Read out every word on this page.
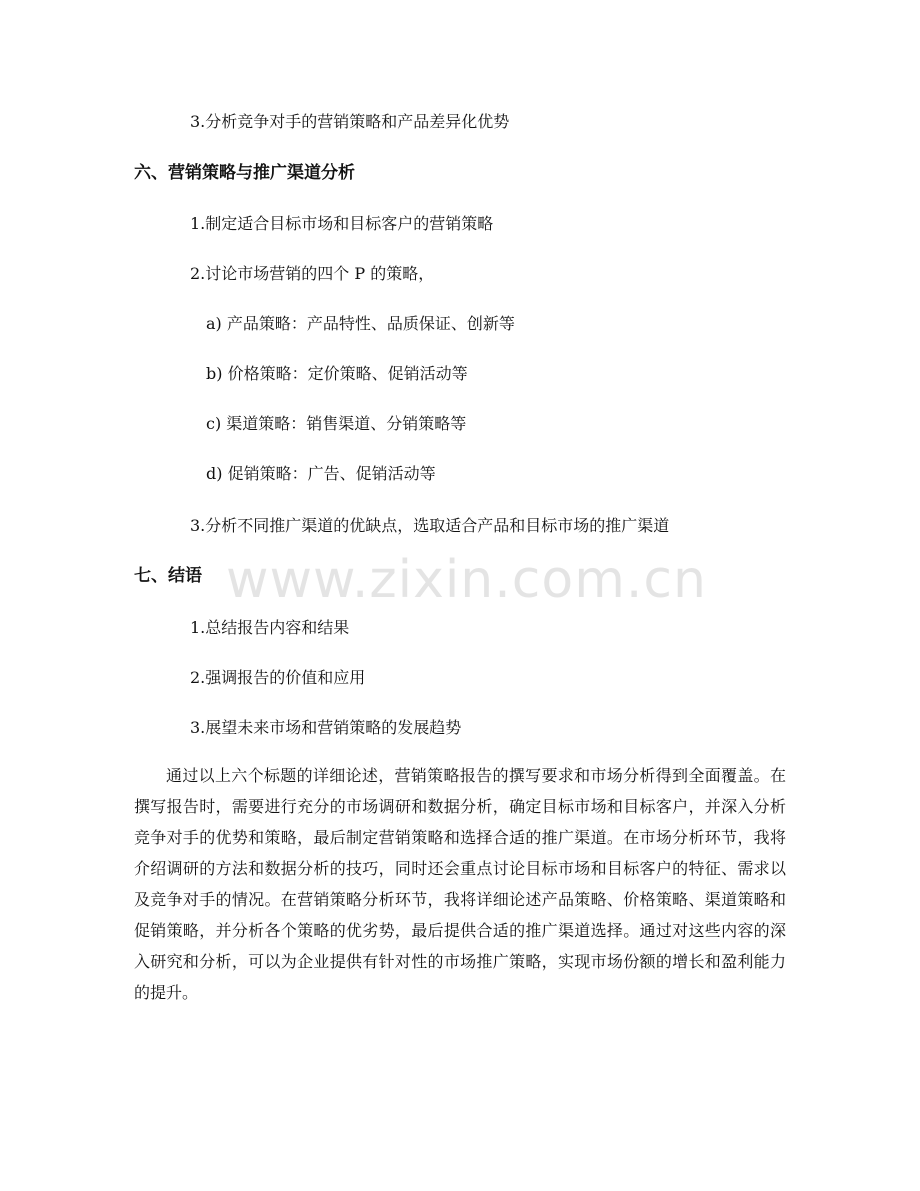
3.分析竞争对手的营销策略和产品差异化优势
六、营销策略与推广渠道分析
1.制定适合目标市场和目标客户的营销策略
2.讨论市场营销的四个 P 的策略，
a) 产品策略：产品特性、品质保证、创新等
b) 价格策略：定价策略、促销活动等
c) 渠道策略：销售渠道、分销策略等
d) 促销策略：广告、促销活动等
3.分析不同推广渠道的优缺点，选取适合产品和目标市场的推广渠道
七、结语
1.总结报告内容和结果
2.强调报告的价值和应用
3.展望未来市场和营销策略的发展趋势

通过以上六个标题的详细论述，营销策略报告的撰写要求和市场分析得到全面覆盖。在撰写报告时，需要进行充分的市场调研和数据分析，确定目标市场和目标客户，并深入分析竞争对手的优势和策略，最后制定营销策略和选择合适的推广渠道。在市场分析环节，我将介绍调研的方法和数据分析的技巧，同时还会重点讨论目标市场和目标客户的特征、需求以及竞争对手的情况。在营销策略分析环节，我将详细论述产品策略、价格策略、渠道策略和促销策略，并分析各个策略的优劣势，最后提供合适的推广渠道选择。通过对这些内容的深入研究和分析，可以为企业提供有针对性的市场推广策略，实现市场份额的增长和盈利能力的提升。

www.zixin.com.cn
